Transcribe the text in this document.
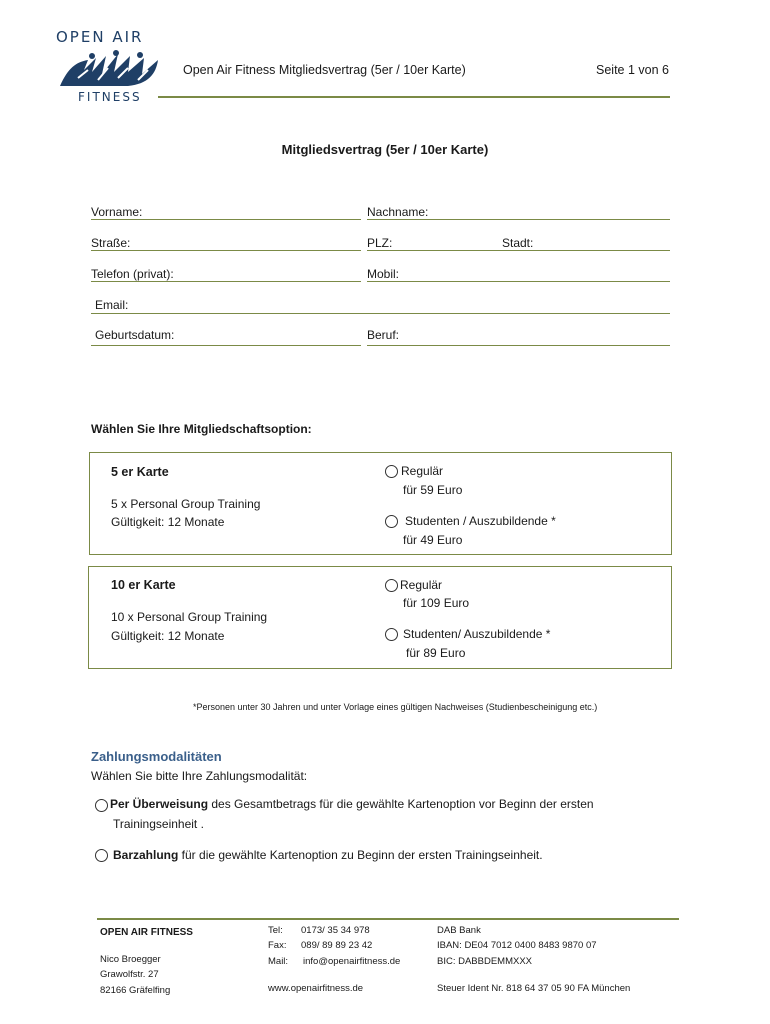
OPEN AIR
FITNESS
Open Air Fitness Mitgliedsvertrag (5er / 10er Karte)	Seite 1 von 6
Mitgliedsvertrag (5er / 10er Karte)
Vorname:	Nachname:
Straße:	PLZ:	Stadt:
Telefon (privat):	Mobil:
Email:
Geburtsdatum:	Beruf:
Wählen Sie Ihre Mitgliedschaftsoption:
5 er Karte
5 x Personal Group Training
Gültigkeit: 12 Monate
Regulär
für 59 Euro
Studenten / Auszubildende *
für 49 Euro
10 er Karte
10 x Personal Group Training
Gültigkeit: 12 Monate
Regulär
für 109 Euro
Studenten/ Auszubildende *
für 89 Euro
*Personen unter 30 Jahren und unter Vorlage eines gültigen Nachweises (Studienbescheinigung etc.)
Zahlungsmodalitäten
Wählen Sie bitte Ihre Zahlungsmodalität:
Per Überweisung des Gesamtbetrags für die gewählte Kartenoption vor Beginn der ersten
Trainingseinheit .
Barzahlung für die gewählte Kartenoption zu Beginn der ersten Trainingseinheit.
OPEN AIR FITNESS
Nico Broegger
Grawolfstr. 27
82166 Gräfelfing
Tel: 0173/ 35 34 978
Fax: 089/ 89 89 23 42
Mail: info@openairfitness.de
www.openairfitness.de
DAB Bank
IBAN: DE04 7012 0400 8483 9870 07
BIC: DABBDEMMXXX
Steuer Ident Nr. 818 64 37 05 90 FA München
